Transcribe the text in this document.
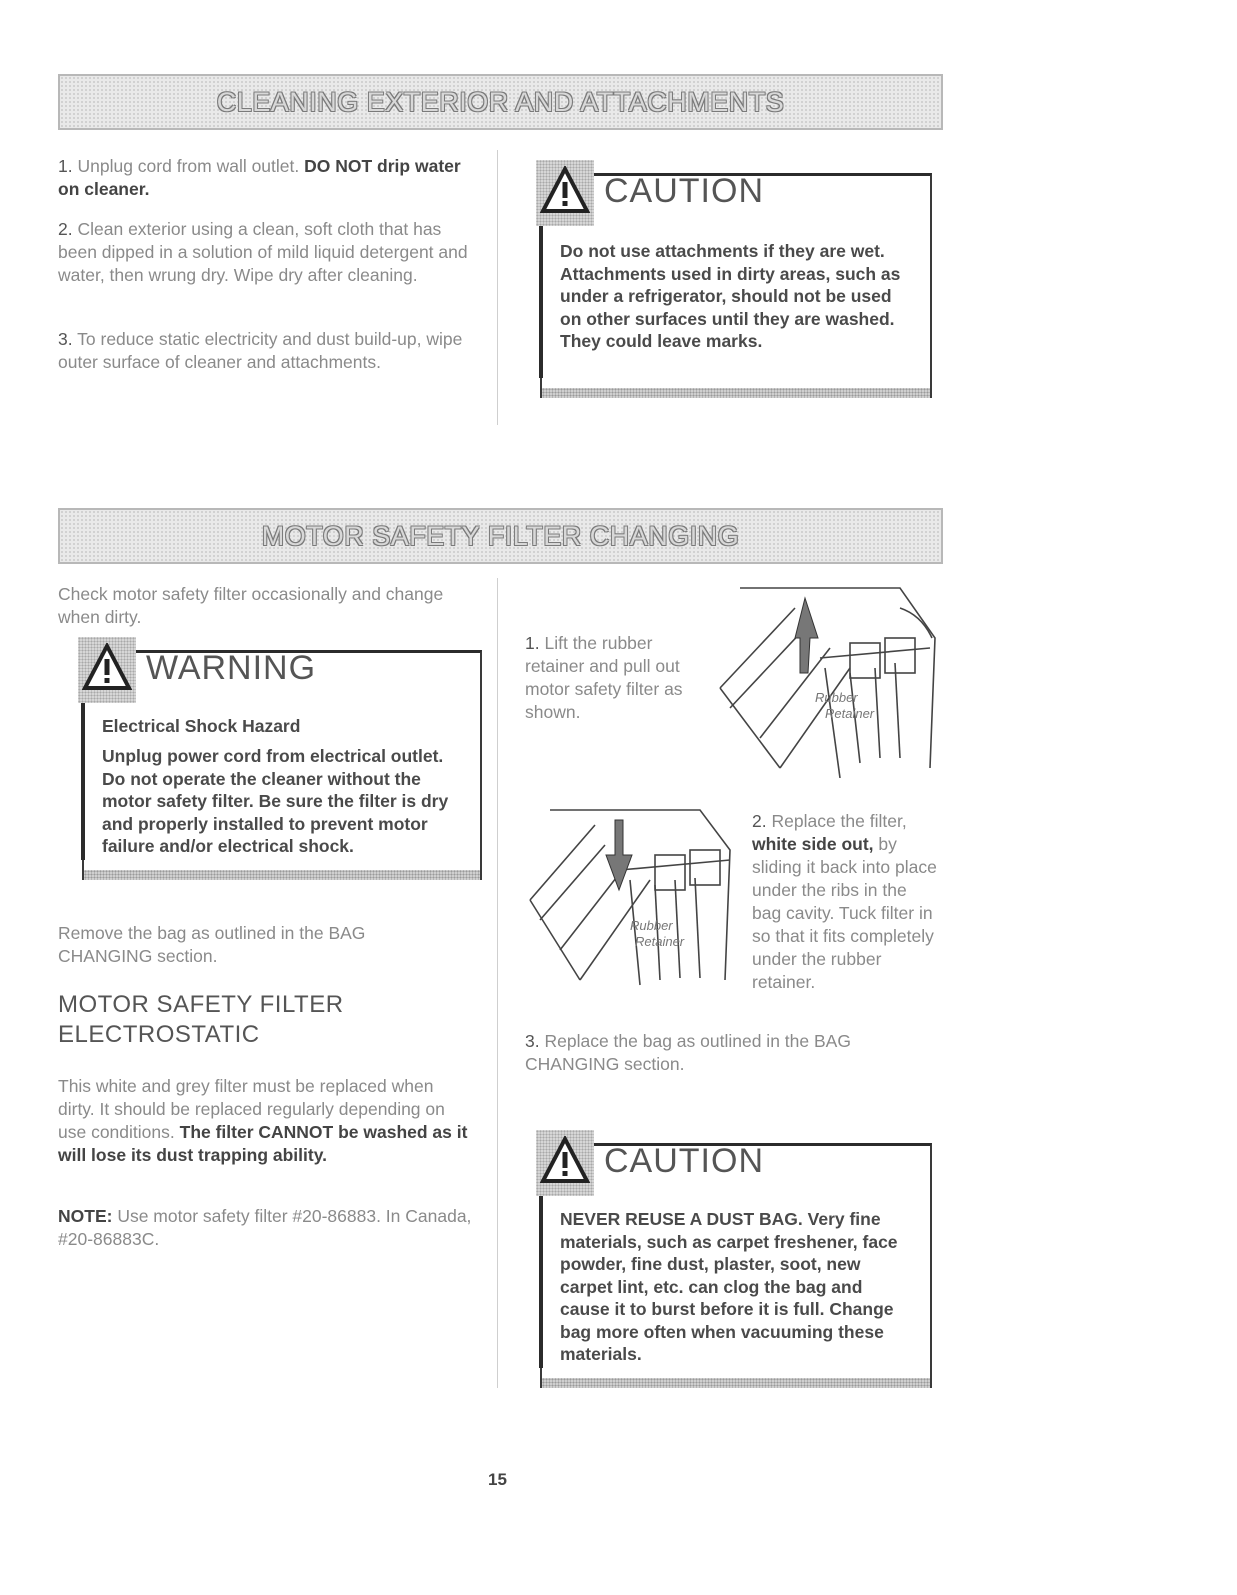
CLEANING EXTERIOR AND ATTACHMENTS

1. Unplug cord from wall outlet. DO NOT drip water on cleaner.

2. Clean exterior using a clean, soft cloth that has been dipped in a solution of mild liquid detergent and water, then wrung dry. Wipe dry after cleaning.

3. To reduce static electricity and dust build-up, wipe outer surface of cleaner and attachments.

CAUTION
Do not use attachments if they are wet. Attachments used in dirty areas, such as under a refrigerator, should not be used on other surfaces until they are washed. They could leave marks.
MOTOR SAFETY FILTER CHANGING

Check motor safety filter occasionally and change when dirty.

WARNING
Electrical Shock Hazard
Unplug power cord from electrical outlet. Do not operate the cleaner without the motor safety filter. Be sure the filter is dry and properly installed to prevent motor failure and/or electrical shock.

Remove the bag as outlined in the BAG CHANGING section.

MOTOR SAFETY FILTER
ELECTROSTATIC

This white and grey filter must be replaced when dirty. It should be replaced regularly depending on use conditions. The filter CANNOT be washed as it will lose its dust trapping ability.

NOTE: Use motor safety filter #20-86883. In Canada, #20-86883C.

1. Lift the rubber retainer and pull out motor safety filter as shown.

Rubber
Retainer
Rubber
Retainer

2. Replace the filter, white side out, by sliding it back into place under the ribs in the bag cavity. Tuck filter in so that it fits completely under the rubber retainer.

3. Replace the bag as outlined in the BAG CHANGING section.

CAUTION
NEVER REUSE A DUST BAG. Very fine materials, such as carpet freshener, face powder, fine dust, plaster, soot, new carpet lint, etc. can clog the bag and cause it to burst before it is full. Change bag more often when vacuuming these materials.
15
